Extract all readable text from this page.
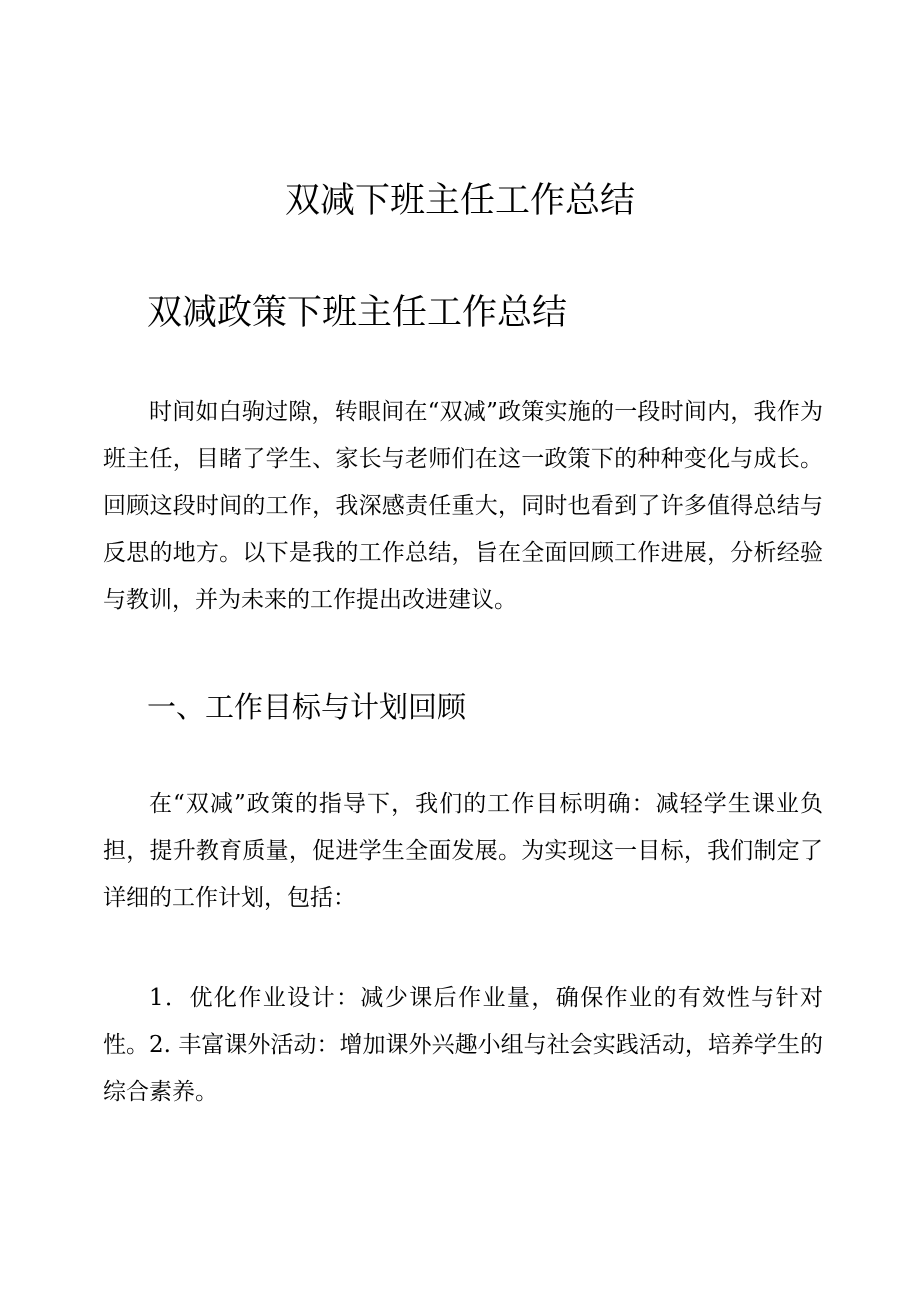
双减下班主任工作总结
双减政策下班主任工作总结

时间如白驹过隙，转眼间在“双减”政策实施的一段时间内，我作为班主任，目睹了学生、家长与老师们在这一政策下的种种变化与成长。回顾这段时间的工作，我深感责任重大，同时也看到了许多值得总结与反思的地方。以下是我的工作总结，旨在全面回顾工作进展，分析经验与教训，并为未来的工作提出改进建议。

一、工作目标与计划回顾

在“双减”政策的指导下，我们的工作目标明确：减轻学生课业负担，提升教育质量，促进学生全面发展。为实现这一目标，我们制定了详细的工作计划，包括：

1．优化作业设计：减少课后作业量，确保作业的有效性与针对性。 2. 丰富课外活动：增加课外兴趣小组与社会实践活动，培养学生的综合素养。
